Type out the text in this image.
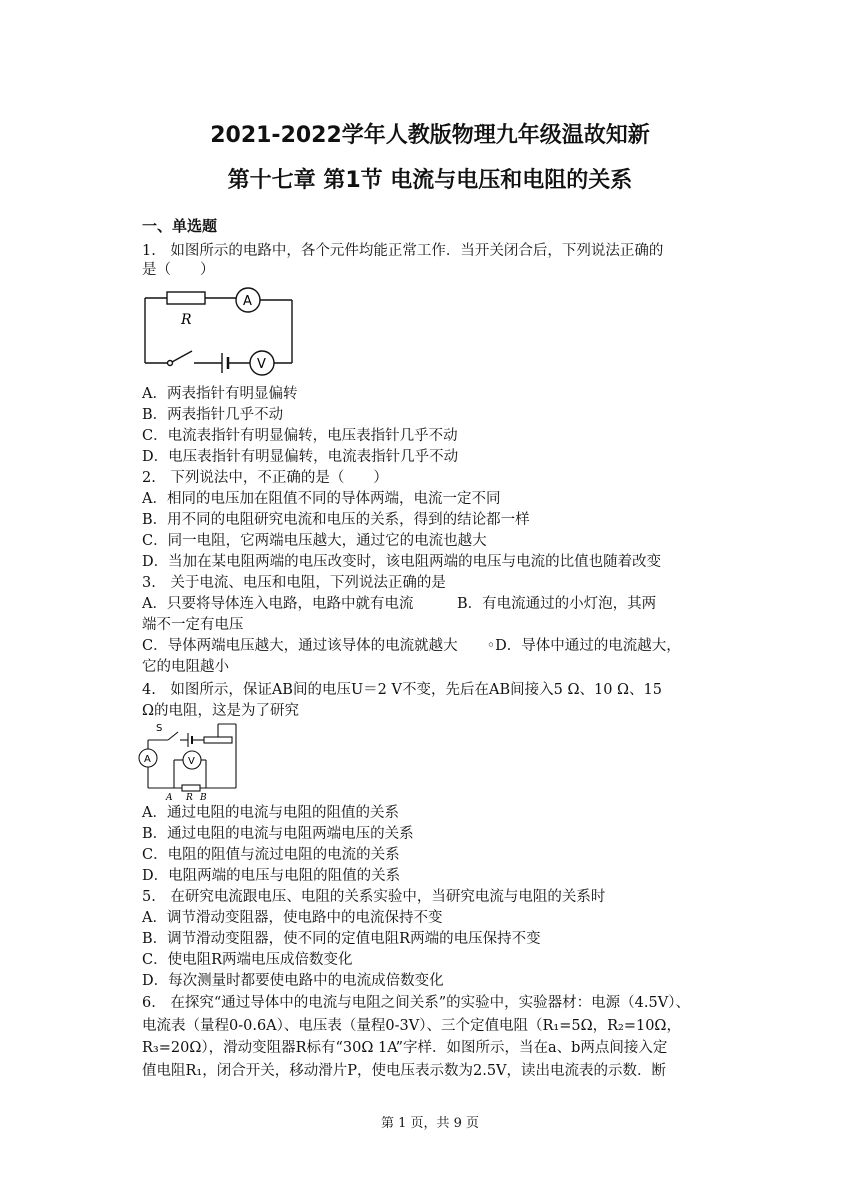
2021-2022学年人教版物理九年级温故知新
第十七章 第1节 电流与电压和电阻的关系
一、单选题
1.　如图所示的电路中，各个元件均能正常工作．当开关闭合后，下列说法正确的
是（　　）
R
A
V
A．两表指针有明显偏转
B．两表指针几乎不动
C．电流表指针有明显偏转，电压表指针几乎不动
D．电压表指针有明显偏转，电流表指针几乎不动
2.　下列说法中，不正确的是（　　）
A．相同的电压加在阻值不同的导体两端，电流一定不同
B．用不同的电阻研究电流和电压的关系，得到的结论都一样
C．同一电阻，它两端电压越大，通过它的电流也越大
D．当加在某电阻两端的电压改变时，该电阻两端的电压与电流的比值也随着改变
3.　关于电流、电压和电阻，下列说法正确的是
A．只要将导体连入电路，电路中就有电流　　　B．有电流通过的小灯泡，其两
端不一定有电压
C．导体两端电压越大，通过该导体的电流就越大　　◦D．导体中通过的电流越大，
它的电阻越小
4.　如图所示，保证AB间的电压U＝2 V不变，先后在AB间接入5 Ω、10 Ω、15
Ω的电阻，这是为了研究
S
A	V
A R B
A．通过电阻的电流与电阻的阻值的关系
B．通过电阻的电流与电阻两端电压的关系
C．电阻的阻值与流过电阻的电流的关系
D．电阻两端的电压与电阻的阻值的关系
5.　在研究电流跟电压、电阻的关系实验中，当研究电流与电阻的关系时
A．调节滑动变阻器，使电路中的电流保持不变
B．调节滑动变阻器，使不同的定值电阻R两端的电压保持不变
C．使电阻R两端电压成倍数变化
D．每次测量时都要使电路中的电流成倍数变化
6.　在探究“通过导体中的电流与电阻之间关系”的实验中，实验器材：电源（4.5V）、
电流表（量程0-0.6A）、电压表（量程0-3V）、三个定值电阻（R₁=5Ω，R₂=10Ω，
R₃=20Ω），滑动变阻器R标有“30Ω 1A”字样．如图所示，当在a、b两点间接入定
值电阻R₁，闭合开关，移动滑片P，使电压表示数为2.5V，读出电流表的示数．断
第 1 页，共 9 页
